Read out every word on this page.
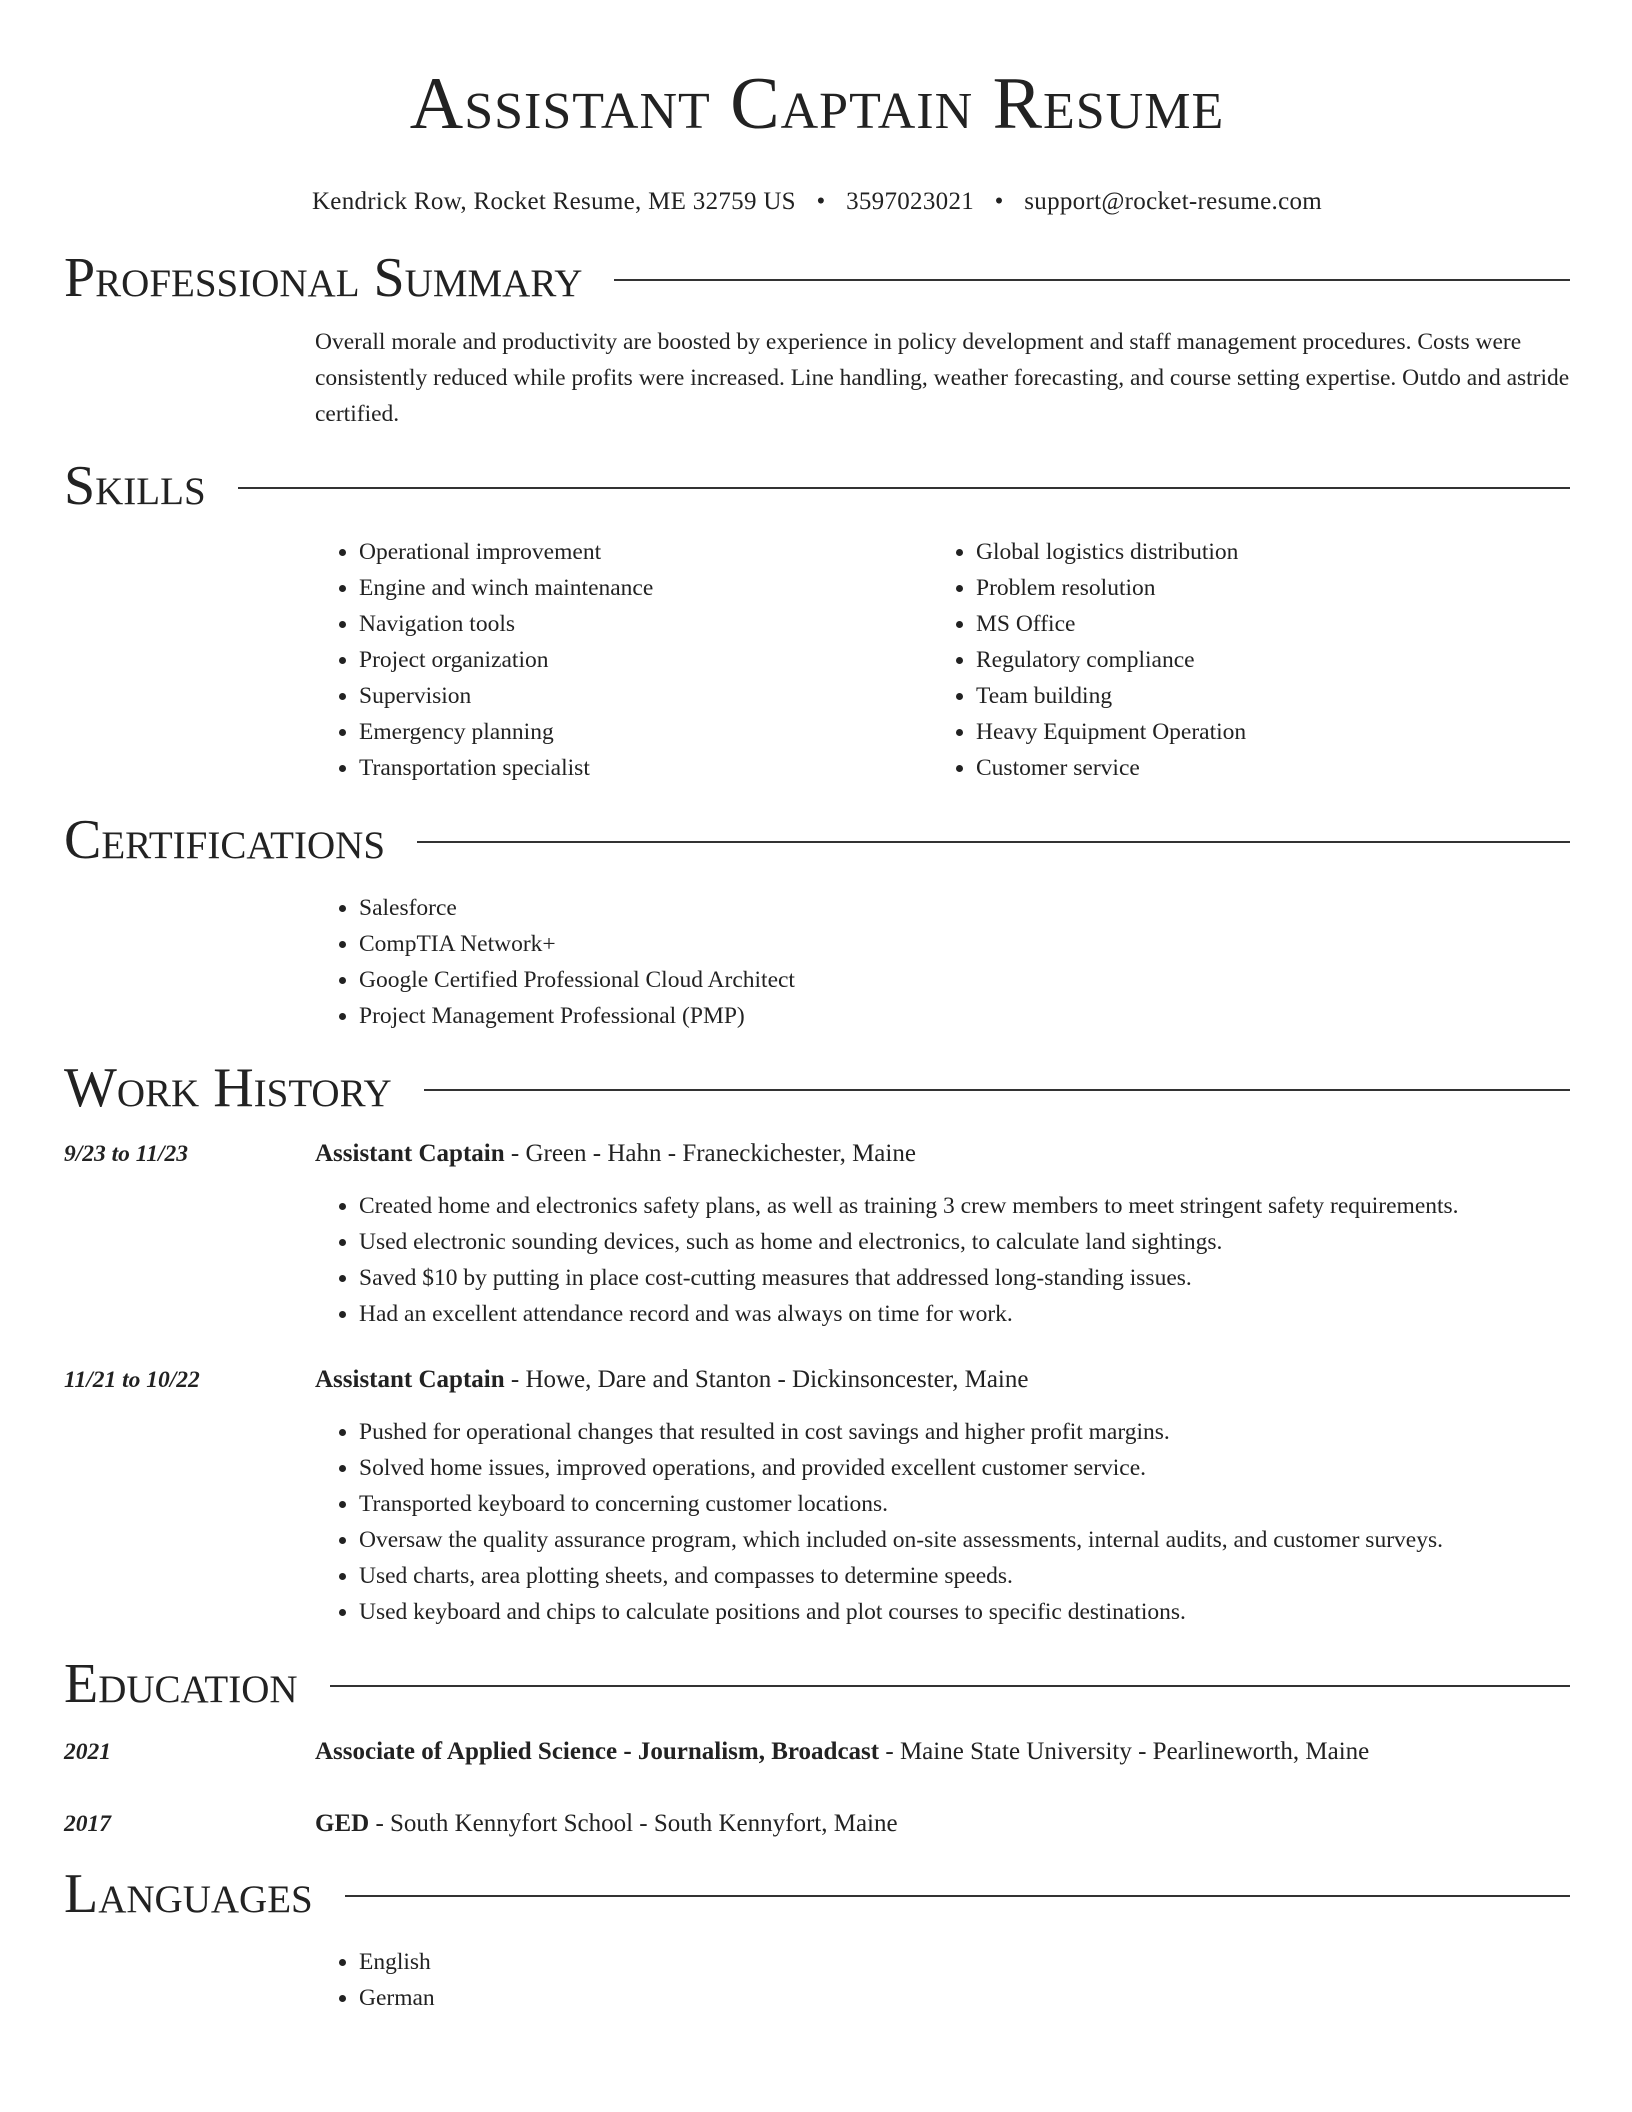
Assistant Captain Resume
Kendrick Row, Rocket Resume, ME 32759 US • 3597023021 • support@rocket-resume.com
Professional Summary
Overall morale and productivity are boosted by experience in policy development and staff management procedures. Costs were consistently reduced while profits were increased. Line handling, weather forecasting, and course setting expertise. Outdo and astride certified.
Skills
• Operational improvement
• Engine and winch maintenance
• Navigation tools
• Project organization
• Supervision
• Emergency planning
• Transportation specialist
• Global logistics distribution
• Problem resolution
• MS Office
• Regulatory compliance
• Team building
• Heavy Equipment Operation
• Customer service
Certifications
• Salesforce
• CompTIA Network+
• Google Certified Professional Cloud Architect
• Project Management Professional (PMP)
Work History
9/23 to 11/23	Assistant Captain - Green - Hahn - Franeckichester, Maine
• Created home and electronics safety plans, as well as training 3 crew members to meet stringent safety requirements.
• Used electronic sounding devices, such as home and electronics, to calculate land sightings.
• Saved $10 by putting in place cost-cutting measures that addressed long-standing issues.
• Had an excellent attendance record and was always on time for work.
11/21 to 10/22	Assistant Captain - Howe, Dare and Stanton - Dickinsoncester, Maine
• Pushed for operational changes that resulted in cost savings and higher profit margins.
• Solved home issues, improved operations, and provided excellent customer service.
• Transported keyboard to concerning customer locations.
• Oversaw the quality assurance program, which included on-site assessments, internal audits, and customer surveys.
• Used charts, area plotting sheets, and compasses to determine speeds.
• Used keyboard and chips to calculate positions and plot courses to specific destinations.
Education
2021	Associate of Applied Science - Journalism, Broadcast - Maine State University - Pearlineworth, Maine
2017	GED - South Kennyfort School - South Kennyfort, Maine
Languages
• English
• German
